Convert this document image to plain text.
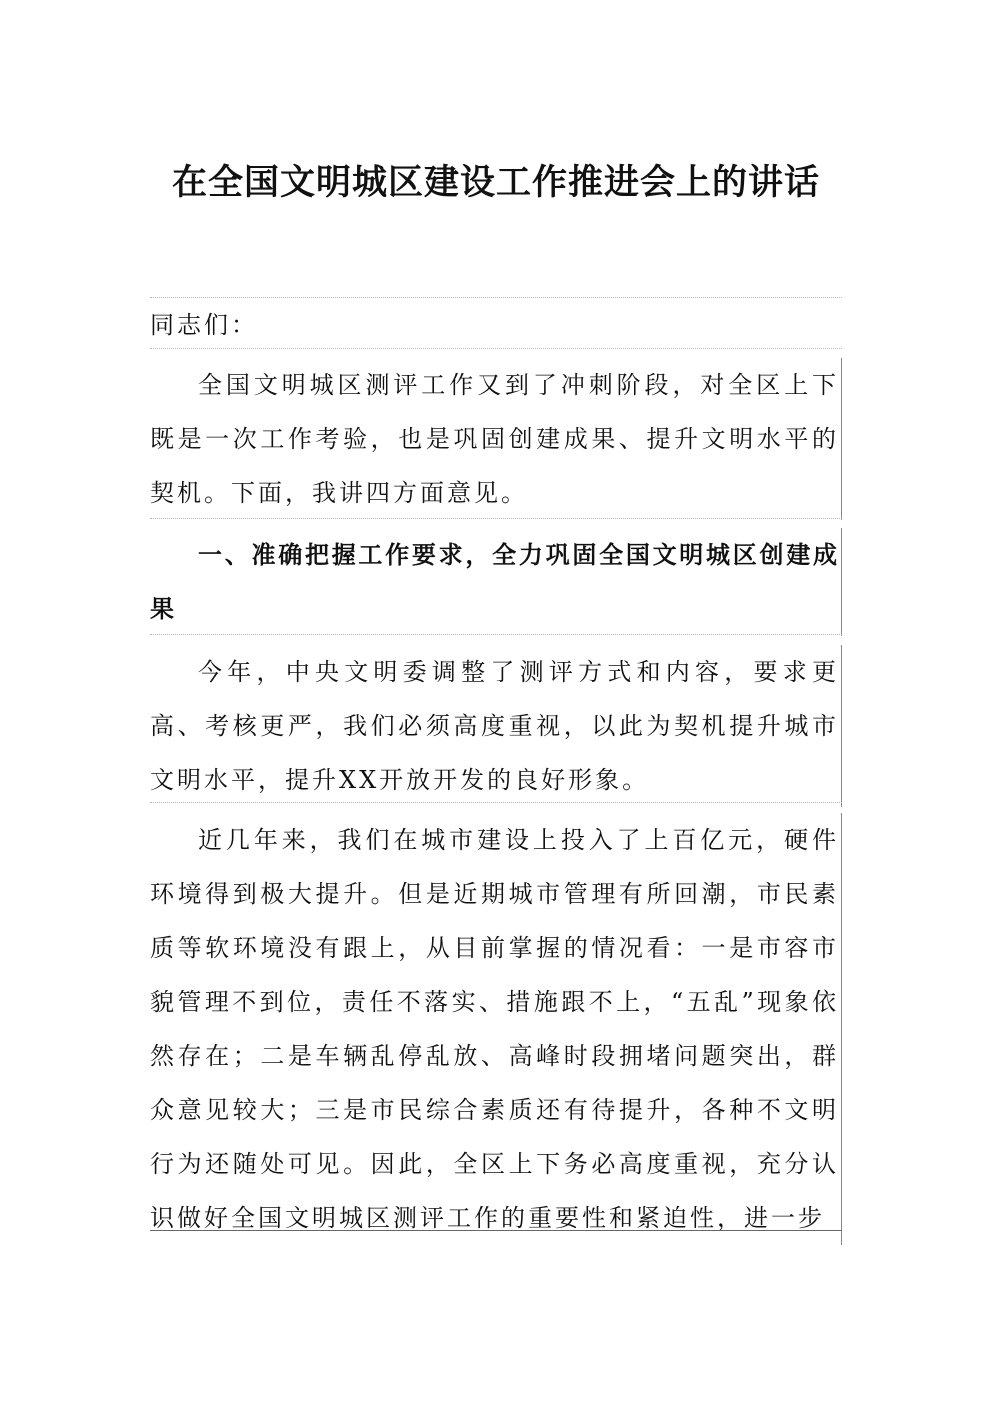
在全国文明城区建设工作推进会上的讲话
同志们：
全国文明城区测评工作又到了冲刺阶段，对全区上下既是一次工作考验，也是巩固创建成果、提升文明水平的契机。下面，我讲四方面意见。
一、准确把握工作要求，全力巩固全国文明城区创建成果
今年，中央文明委调整了测评方式和内容，要求更高、考核更严，我们必须高度重视，以此为契机提升城市文明水平，提升XX开放开发的良好形象。
近几年来，我们在城市建设上投入了上百亿元，硬件环境得到极大提升。但是近期城市管理有所回潮，市民素质等软环境没有跟上，从目前掌握的情况看：一是市容市貌管理不到位，责任不落实、措施跟不上，“五乱”现象依然存在；二是车辆乱停乱放、高峰时段拥堵问题突出，群众意见较大；三是市民综合素质还有待提升，各种不文明行为还随处可见。因此，全区上下务必高度重视，充分认识做好全国文明城区测评工作的重要性和紧迫性，进一步
